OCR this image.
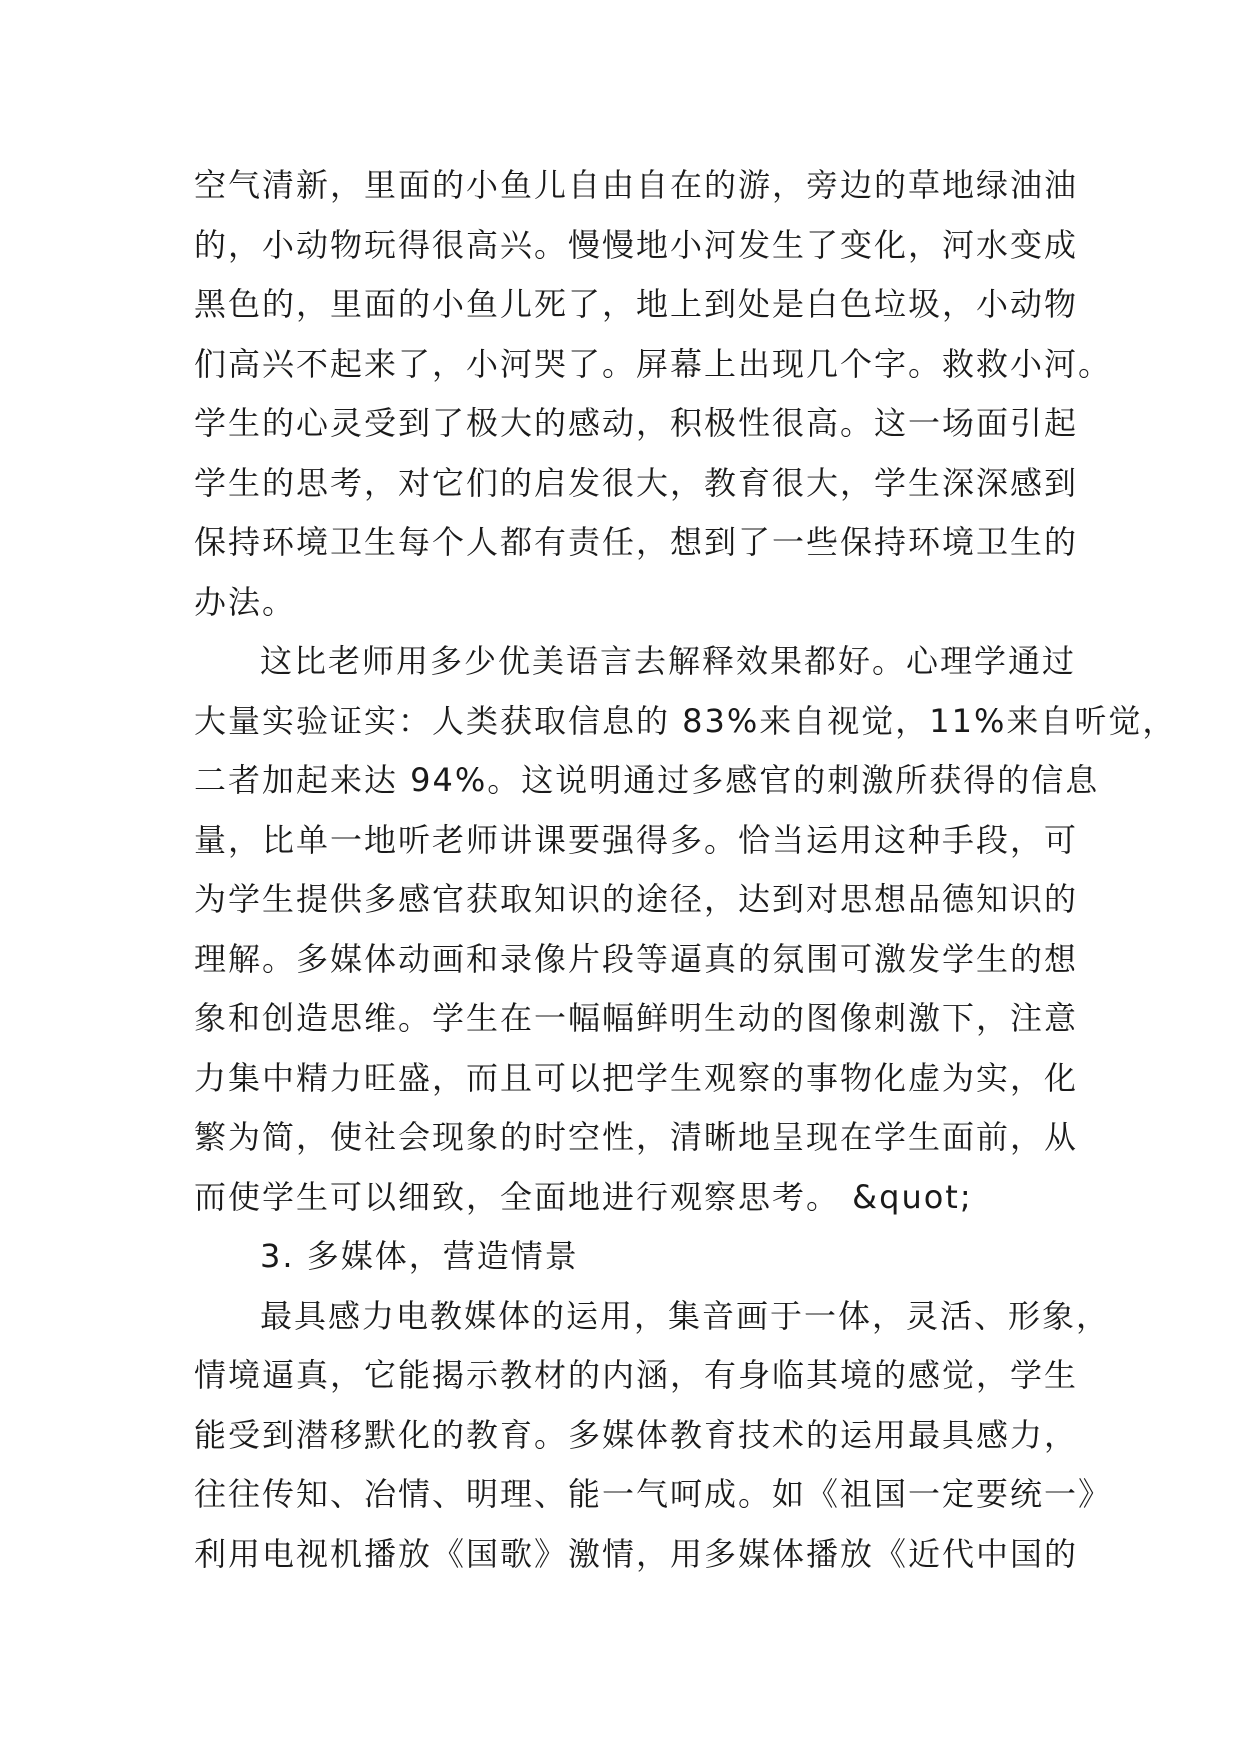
空气清新，里面的小鱼儿自由自在的游，旁边的草地绿油油
的，小动物玩得很高兴。慢慢地小河发生了变化，河水变成
黑色的，里面的小鱼儿死了，地上到处是白色垃圾，小动物
们高兴不起来了，小河哭了。屏幕上出现几个字。救救小河。
学生的心灵受到了极大的感动，积极性很高。这一场面引起
学生的思考，对它们的启发很大，教育很大，学生深深感到
保持环境卫生每个人都有责任，想到了一些保持环境卫生的
办法。
这比老师用多少优美语言去解释效果都好。心理学通过
大量实验证实：人类获取信息的 83%来自视觉，11%来自听觉，
二者加起来达 94%。这说明通过多感官的刺激所获得的信息
量，比单一地听老师讲课要强得多。恰当运用这种手段，可
为学生提供多感官获取知识的途径，达到对思想品德知识的
理解。多媒体动画和录像片段等逼真的氛围可激发学生的想
象和创造思维。学生在一幅幅鲜明生动的图像刺激下，注意
力集中精力旺盛，而且可以把学生观察的事物化虚为实，化
繁为简，使社会现象的时空性，清晰地呈现在学生面前，从
而使学生可以细致，全面地进行观察思考。 &quot;
3. 多媒体，营造情景
最具感力电教媒体的运用，集音画于一体，灵活、形象，
情境逼真，它能揭示教材的内涵，有身临其境的感觉，学生
能受到潜移默化的教育。多媒体教育技术的运用最具感力，
往往传知、冶情、明理、能一气呵成。如《祖国一定要统一》
利用电视机播放《国歌》激情，用多媒体播放《近代中国的
